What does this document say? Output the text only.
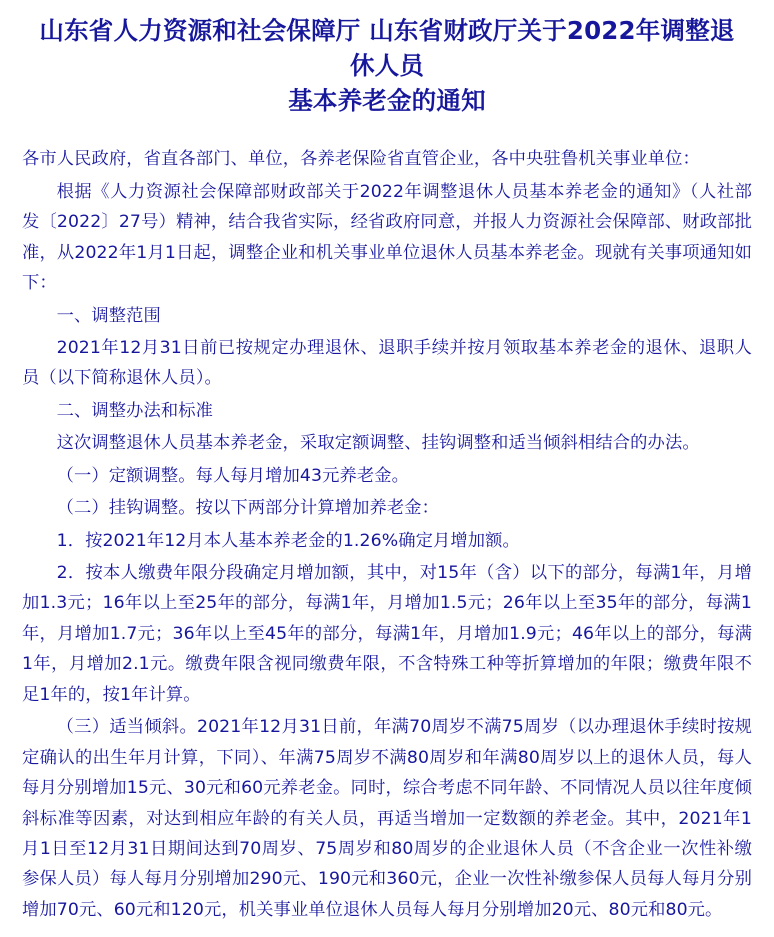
山东省人力资源和社会保障厅 山东省财政厅关于2022年调整退休人员
基本养老金的通知

各市人民政府，省直各部门、单位，各养老保险省直管企业，各中央驻鲁机关事业单位：

根据《人力资源社会保障部财政部关于2022年调整退休人员基本养老金的通知》（人社部发〔2022〕27号）精神，结合我省实际，经省政府同意，并报人力资源社会保障部、财政部批准，从2022年1月1日起，调整企业和机关事业单位退休人员基本养老金。现就有关事项通知如下：

一、调整范围

2021年12月31日前已按规定办理退休、退职手续并按月领取基本养老金的退休、退职人员（以下简称退休人员）。

二、调整办法和标准

这次调整退休人员基本养老金，采取定额调整、挂钩调整和适当倾斜相结合的办法。

（一）定额调整。每人每月增加43元养老金。

（二）挂钩调整。按以下两部分计算增加养老金：

1．按2021年12月本人基本养老金的1.26%确定月增加额。

2．按本人缴费年限分段确定月增加额，其中，对15年（含）以下的部分，每满1年，月增加1.3元；16年以上至25年的部分，每满1年，月增加1.5元；26年以上至35年的部分，每满1年，月增加1.7元；36年以上至45年的部分，每满1年，月增加1.9元；46年以上的部分，每满1年，月增加2.1元。缴费年限含视同缴费年限，不含特殊工种等折算增加的年限；缴费年限不足1年的，按1年计算。

（三）适当倾斜。2021年12月31日前，年满70周岁不满75周岁（以办理退休手续时按规定确认的出生年月计算，下同）、年满75周岁不满80周岁和年满80周岁以上的退休人员，每人每月分别增加15元、30元和60元养老金。同时，综合考虑不同年龄、不同情况人员以往年度倾斜标准等因素，对达到相应年龄的有关人员，再适当增加一定数额的养老金。其中，2021年1月1日至12月31日期间达到70周岁、75周岁和80周岁的企业退休人员（不含企业一次性补缴参保人员）每人每月分别增加290元、190元和360元，企业一次性补缴参保人员每人每月分别增加70元、60元和120元，机关事业单位退休人员每人每月分别增加20元、80元和80元。
